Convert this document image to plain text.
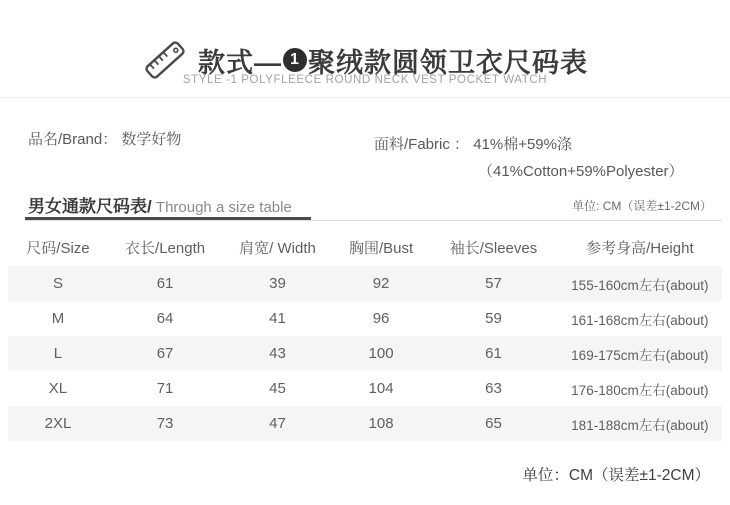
款式— 1 聚绒款圆领卫衣尺码表
STYLE -1 POLYFLEECE ROUND NECK VEST POCKET WATCH
品名/Brand： 数学好物	面料/Fabric ： 41%棉+59%涤
（41%Cotton+59%Polyester）
男女通款尺码表/ Through a size table	单位: CM（误差±1-2CM）
尺码/Size	衣长/Length	肩宽/ Width	胸围/Bust	袖长/Sleeves	参考身高/Height
S	61	39	92	57	155-160cm左右(about)
M	64	41	96	59	161-168cm左右(about)
L	67	43	100	61	169-175cm左右(about)
XL	71	45	104	63	176-180cm左右(about)
2XL	73	47	108	65	181-188cm左右(about)
单位：CM（误差±1-2CM）
